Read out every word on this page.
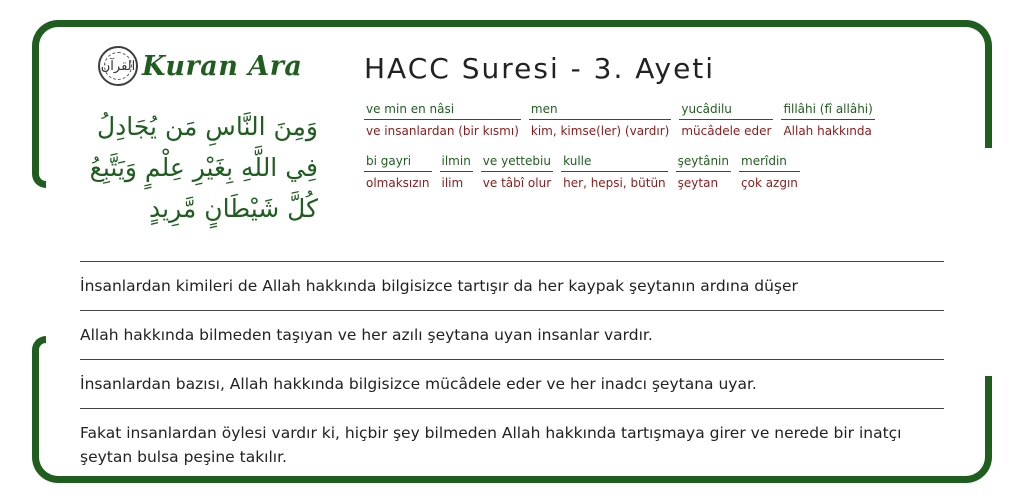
القرآن Kuran Ara
وَمِنَ النَّاسِ مَن يُجَادِلُ فِي اللَّهِ بِغَيْرِ عِلْمٍ وَيَتَّبِعُ كُلَّ شَيْطَانٍ مَّرِيدٍ
HACC Suresi - 3. Ayeti
ve min en nâsi
ve insanlardan (bir kısmı)
men
kim, kimse(ler) (vardır)
yucâdilu
mücâdele eder
fillâhi (fî allâhi)
Allah hakkında
bi gayri
olmaksızın
ilmin
ilim
ve yettebiu
ve tâbî olur
kulle
her, hepsi, bütün
şeytânin
şeytan
merîdin
çok azgın
İnsanlardan kimileri de Allah hakkında bilgisizce tartışır da her kaypak şeytanın ardına düşer
Allah hakkında bilmeden taşıyan ve her azılı şeytana uyan insanlar vardır.
İnsanlardan bazısı, Allah hakkında bilgisizce mücâdele eder ve her inadcı şeytana uyar.
Fakat insanlardan öylesi vardır ki, hiçbir şey bilmeden Allah hakkında tartışmaya girer ve nerede bir inatçı şeytan bulsa peşine takılır.
